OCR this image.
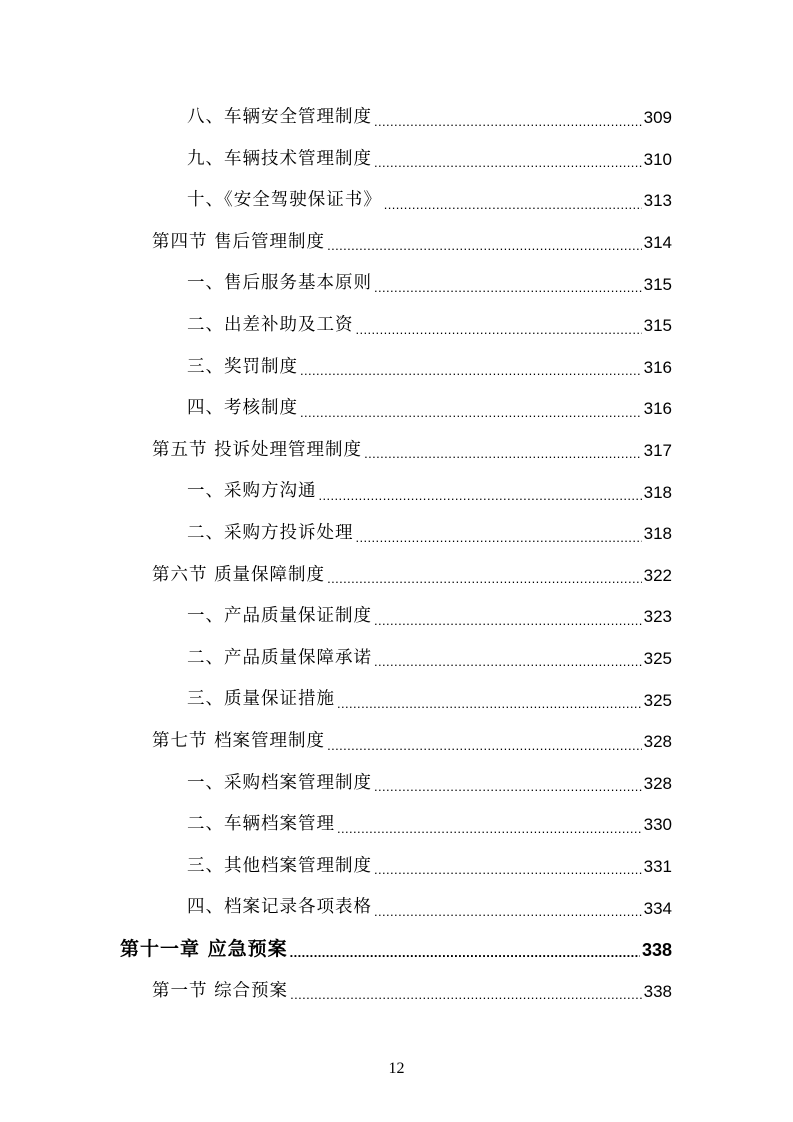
八、车辆安全管理制度 .....	309
九、车辆技术管理制度 .....	310
十、《安全驾驶保证书》 .....	313
第四节 售后管理制度 .....	314
一、售后服务基本原则 .....	315
二、出差补助及工资 .....	315
三、奖罚制度 .....	316
四、考核制度 .....	316
第五节 投诉处理管理制度 .....	317
一、采购方沟通 .....	318
二、采购方投诉处理 .....	318
第六节 质量保障制度 .....	322
一、产品质量保证制度 .....	323
二、产品质量保障承诺 .....	325
三、质量保证措施 .....	325
第七节 档案管理制度 .....	328
一、采购档案管理制度 .....	328
二、车辆档案管理 .....	330
三、其他档案管理制度 .....	331
四、档案记录各项表格 .....	334
第十一章 应急预案 .....	338
第一节 综合预案 .....	338
12
